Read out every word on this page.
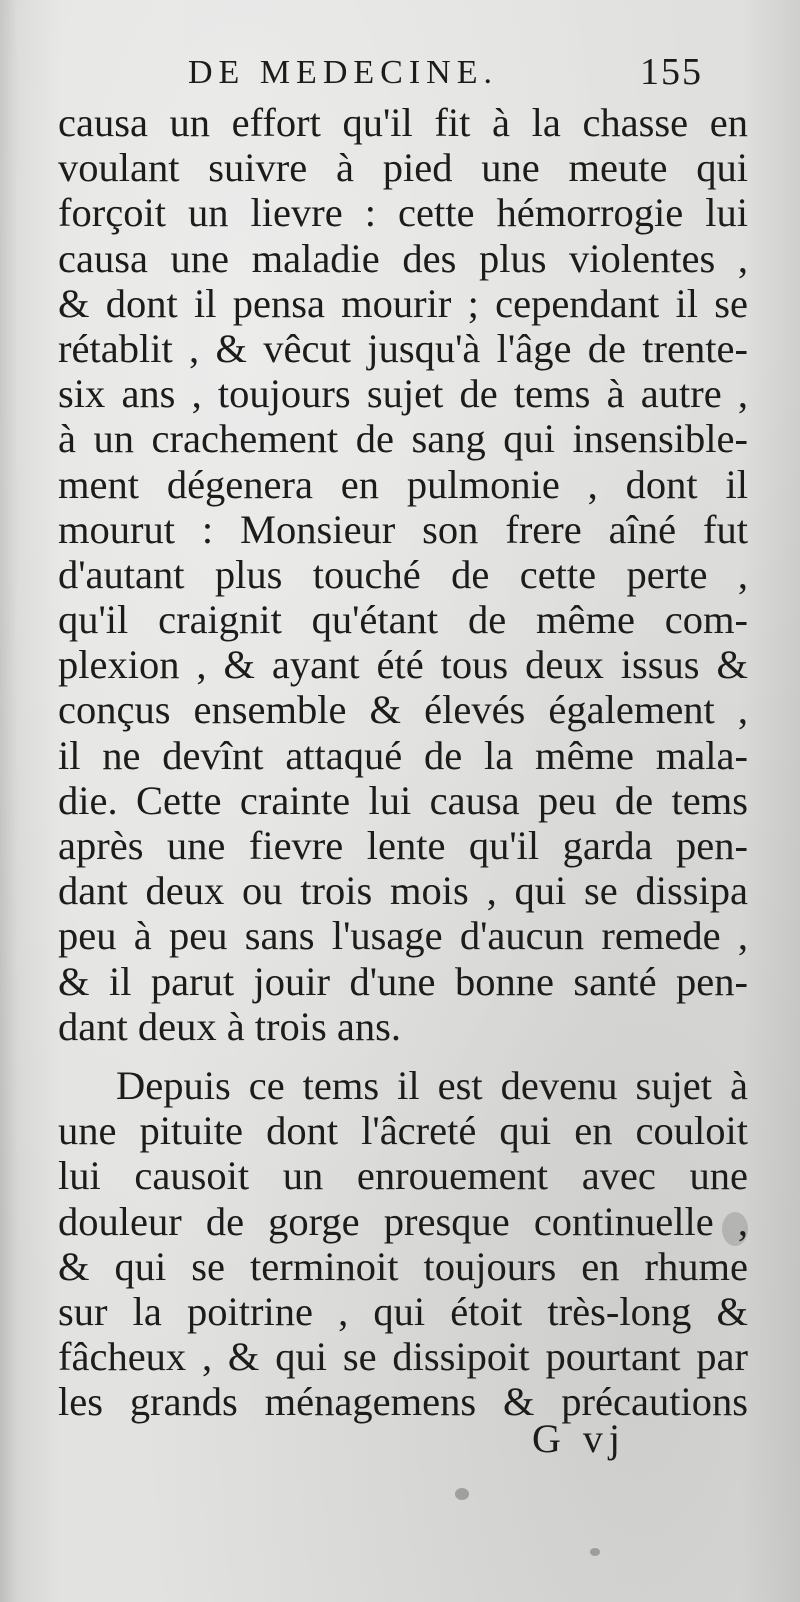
DE MEDECINE.	155
causa un effort qu'il fit à la chasse en
voulant suivre à pied une meute qui
forçoit un lievre : cette hémorrogie lui
causa une maladie des plus violentes ,
& dont il pensa mourir ; cependant il se
rétablit , & vêcut jusqu'à l'âge de trente-
six ans , toujours sujet de tems à autre ,
à un crachement de sang qui insensible-
ment dégenera en pulmonie , dont il
mourut : Monsieur son frere aîné fut
d'autant plus touché de cette perte ,
qu'il craignit qu'étant de même com-
plexion , & ayant été tous deux issus &
conçus ensemble & élevés également ,
il ne devînt attaqué de la même mala-
die. Cette crainte lui causa peu de tems
après une fievre lente qu'il garda pen-
dant deux ou trois mois , qui se dissipa
peu à peu sans l'usage d'aucun remede ,
& il parut jouir d'une bonne santé pen-
dant deux à trois ans.
Depuis ce tems il est devenu sujet à
une pituite dont l'âcreté qui en couloit
lui causoit un enrouement avec une
douleur de gorge presque continuelle ,
& qui se terminoit toujours en rhume
sur la poitrine , qui étoit très-long &
fâcheux , & qui se dissipoit pourtant par
les grands ménagemens & précautions
G vj
